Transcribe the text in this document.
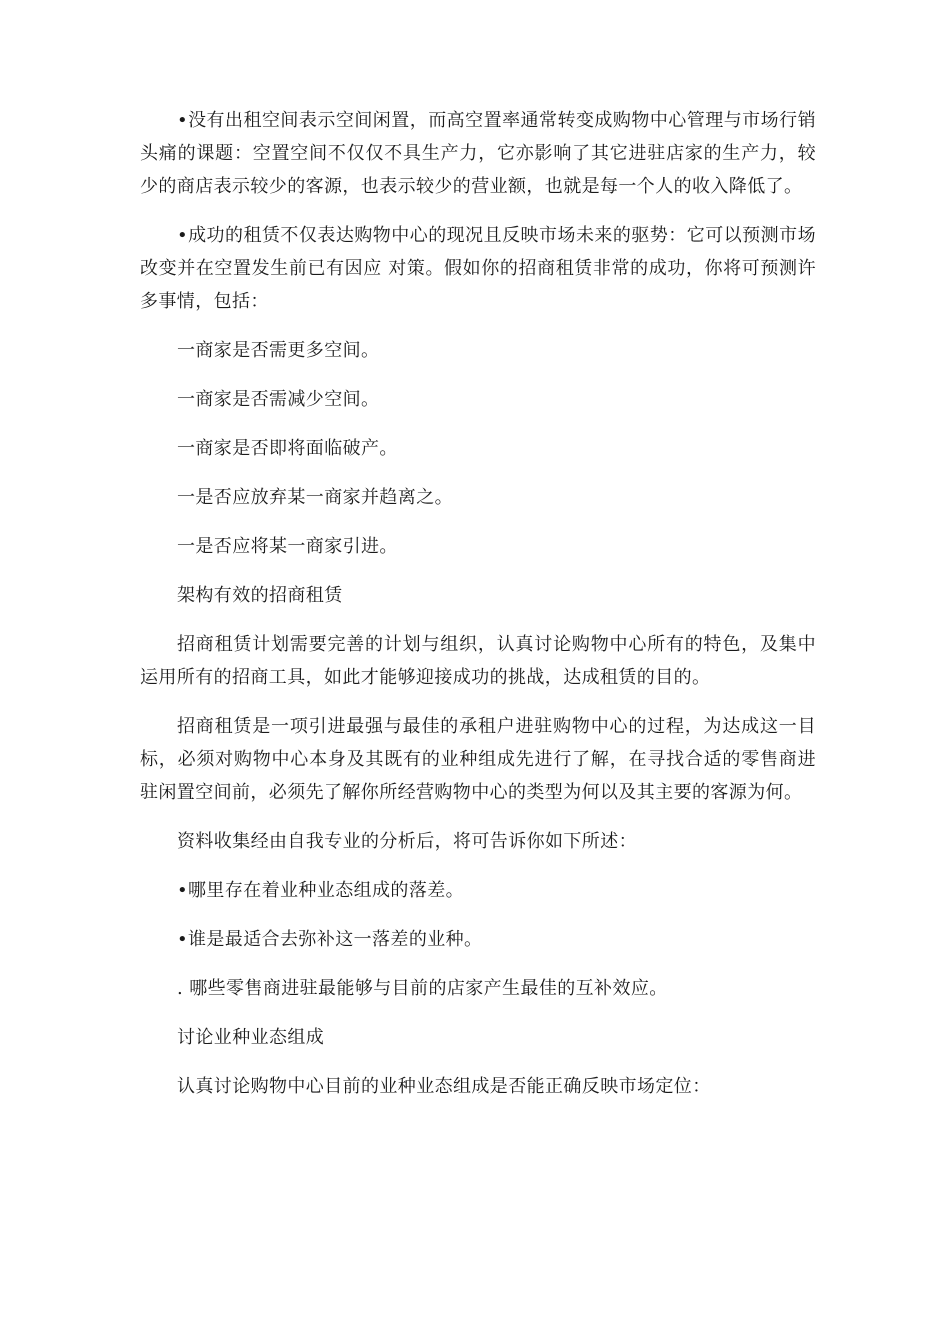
•没有出租空间表示空间闲置，而高空置率通常转变成购物中心管理与市场行销头痛的课题：空置空间不仅仅不具生产力，它亦影响了其它进驻店家的生产力，较少的商店表示较少的客源，也表示较少的营业额，也就是每一个人的收入降低了。

•成功的租赁不仅表达购物中心的现况且反映市场未来的驱势：它可以预测市场改变并在空置发生前已有因应 对策。假如你的招商租赁非常的成功，你将可预测许多事情，包括：

一商家是否需更多空间。

一商家是否需减少空间。

一商家是否即将面临破产。

一是否应放弃某一商家并趋离之。

一是否应将某一商家引进。

架构有效的招商租赁

招商租赁计划需要完善的计划与组织，认真讨论购物中心所有的特色，及集中运用所有的招商工具，如此才能够迎接成功的挑战，达成租赁的目的。

招商租赁是一项引进最强与最佳的承租户进驻购物中心的过程，为达成这一目标，必须对购物中心本身及其既有的业种组成先进行了解，在寻找合适的零售商进驻闲置空间前，必须先了解你所经营购物中心的类型为何以及其主要的客源为何。

资料收集经由自我专业的分析后，将可告诉你如下所述：

•哪里存在着业种业态组成的落差。

•谁是最适合去弥补这一落差的业种。

. 哪些零售商进驻最能够与目前的店家产生最佳的互补效应。

讨论业种业态组成

认真讨论购物中心目前的业种业态组成是否能正确反映市场定位：
